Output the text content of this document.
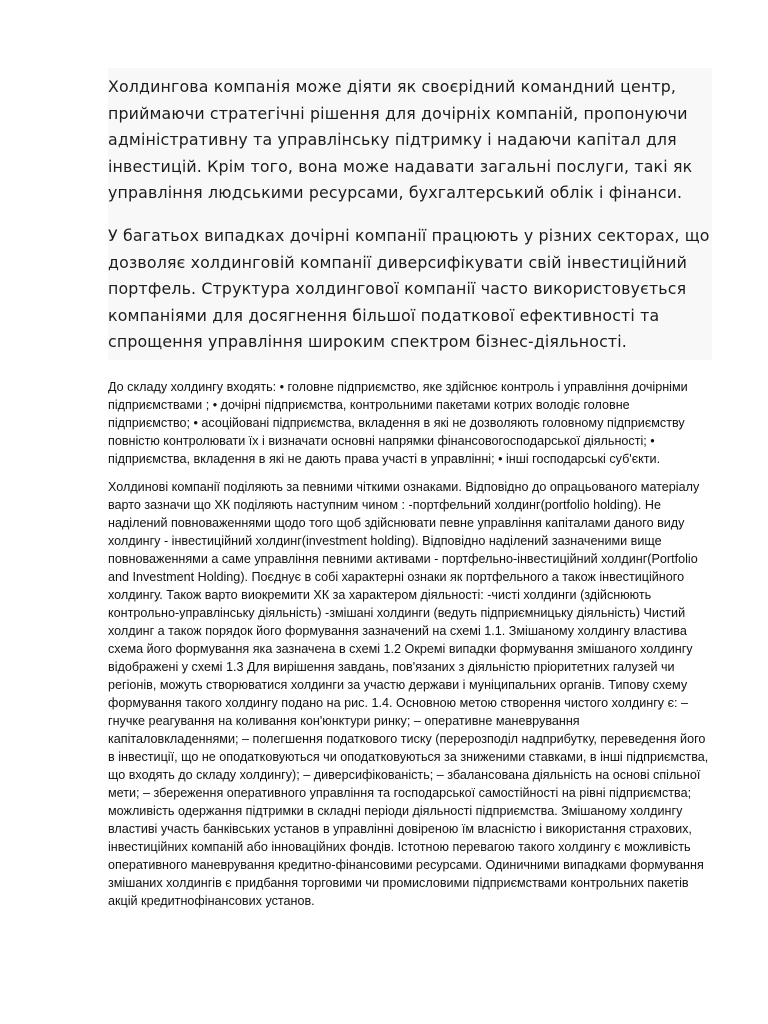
Холдингова компанія може діяти як своєрідний командний центр, приймаючи стратегічні рішення для дочірніх компаній, пропонуючи адміністративну та управлінську підтримку і надаючи капітал для інвестицій. Крім того, вона може надавати загальні послуги, такі як управління людськими ресурсами, бухгалтерський облік і фінанси.

У багатьох випадках дочірні компанії працюють у різних секторах, що дозволяє холдинговій компанії диверсифікувати свій інвестиційний портфель. Структура холдингової компанії часто використовується компаніями для досягнення більшої податкової ефективності та спрощення управління широким спектром бізнес-діяльності.

До складу холдингу входять: • головне підприємство, яке здійснює контроль і управління дочірніми підприємствами ; • дочірні підприємства, контрольними пакетами котрих володіє головне підприємство; • асоційовані підприємства, вкладення в які не дозволяють головному підприємству повністю контролювати їх і визначати основні напрямки фінансовогосподарської діяльності; • підприємства, вкладення в які не дають права участі в управлінні; • інші господарські суб'єкти.

Холдинові компанії поділяють за певними чіткими ознаками. Відповідно до опрацьованого матеріалу варто зазначи що ХК поділяють наступним чином : -портфельний холдинг(portfolio holding). Не наділений повноваженнями щодо того щоб здійснювати певне управління капіталами даного виду холдингу - інвестиційний холдинг(investment holding). Відповідно наділений зазначеними вище повноваженнями а саме управління певними активами - портфельно-інвестиційний холдинг(Portfolio and Investment Holding). Поєднує в собі характерні ознаки як портфельного а також інвестиційного холдингу. Також варто виокремити ХК за характером діяльності: -чисті холдинги (здійснюють контрольно-управлінську діяльність) -змішані холдинги (ведуть підприємницьку діяльність) Чистий холдинг а також порядок його формування зазначений на схемі 1.1. Змішаному холдингу властива схема його формування яка зазначена в схемі 1.2 Окремі випадки формування змішаного холдингу відображені у схемі 1.3 Для вирішення завдань, пов'язаних з діяльністю пріоритетних галузей чи регіонів, можуть створюватися холдинги за участю держави і муніципальних органів. Типову схему формування такого холдингу подано на рис. 1.4. Основною метою створення чистого холдингу є: – гнучке реагування на коливання кон'юнктури ринку; – оперативне маневрування капіталовкладеннями; – полегшення податкового тиску (перерозподіл надприбутку, переведення його в інвестиції, що не оподатковуються чи оподатковуються за зниженими ставками, в інші підприємства, що входять до складу холдингу); – диверсифікованість; – збалансована діяльність на основі спільної мети; – збереження оперативного управління та господарської самостійності на рівні підприємства; можливість одержання підтримки в складні періоди діяльності підприємства. Змішаному холдингу властиві участь банківських установ в управлінні довіреною їм власністю і використання страхових, інвестиційних компаній або інноваційних фондів. Істотною перевагою такого холдингу є можливість оперативного маневрування кредитно-фінансовими ресурсами. Одиничними випадками формування змішаних холдингів є придбання торговими чи промисловими підприємствами контрольних пакетів акцій кредитнофінансових установ.
